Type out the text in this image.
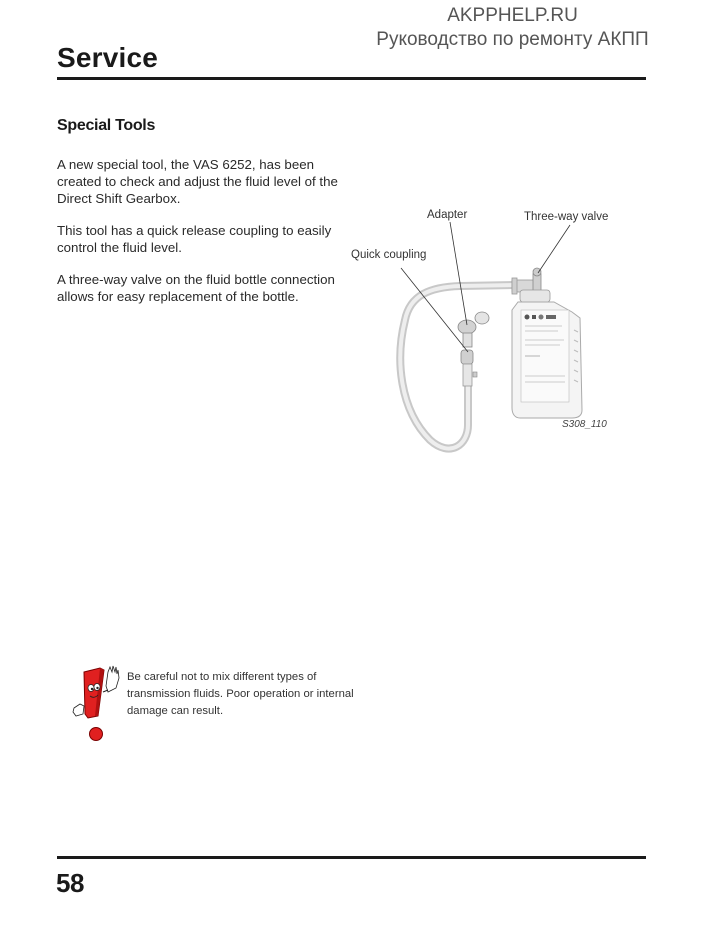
AKPPHELP.RU
Руководство по ремонту АКПП
Service
Special Tools

A new special tool, the VAS 6252, has been created to check and adjust the fluid level of the Direct Shift Gearbox.

This tool has a quick release coupling to easily control the fluid level.

A three-way valve on the fluid bottle connection allows for easy replacement of the bottle.

Adapter	Three-way valve
Quick coupling
S308_110
Be careful not to mix different types of transmission fluids. Poor operation or internal damage can result.
58
